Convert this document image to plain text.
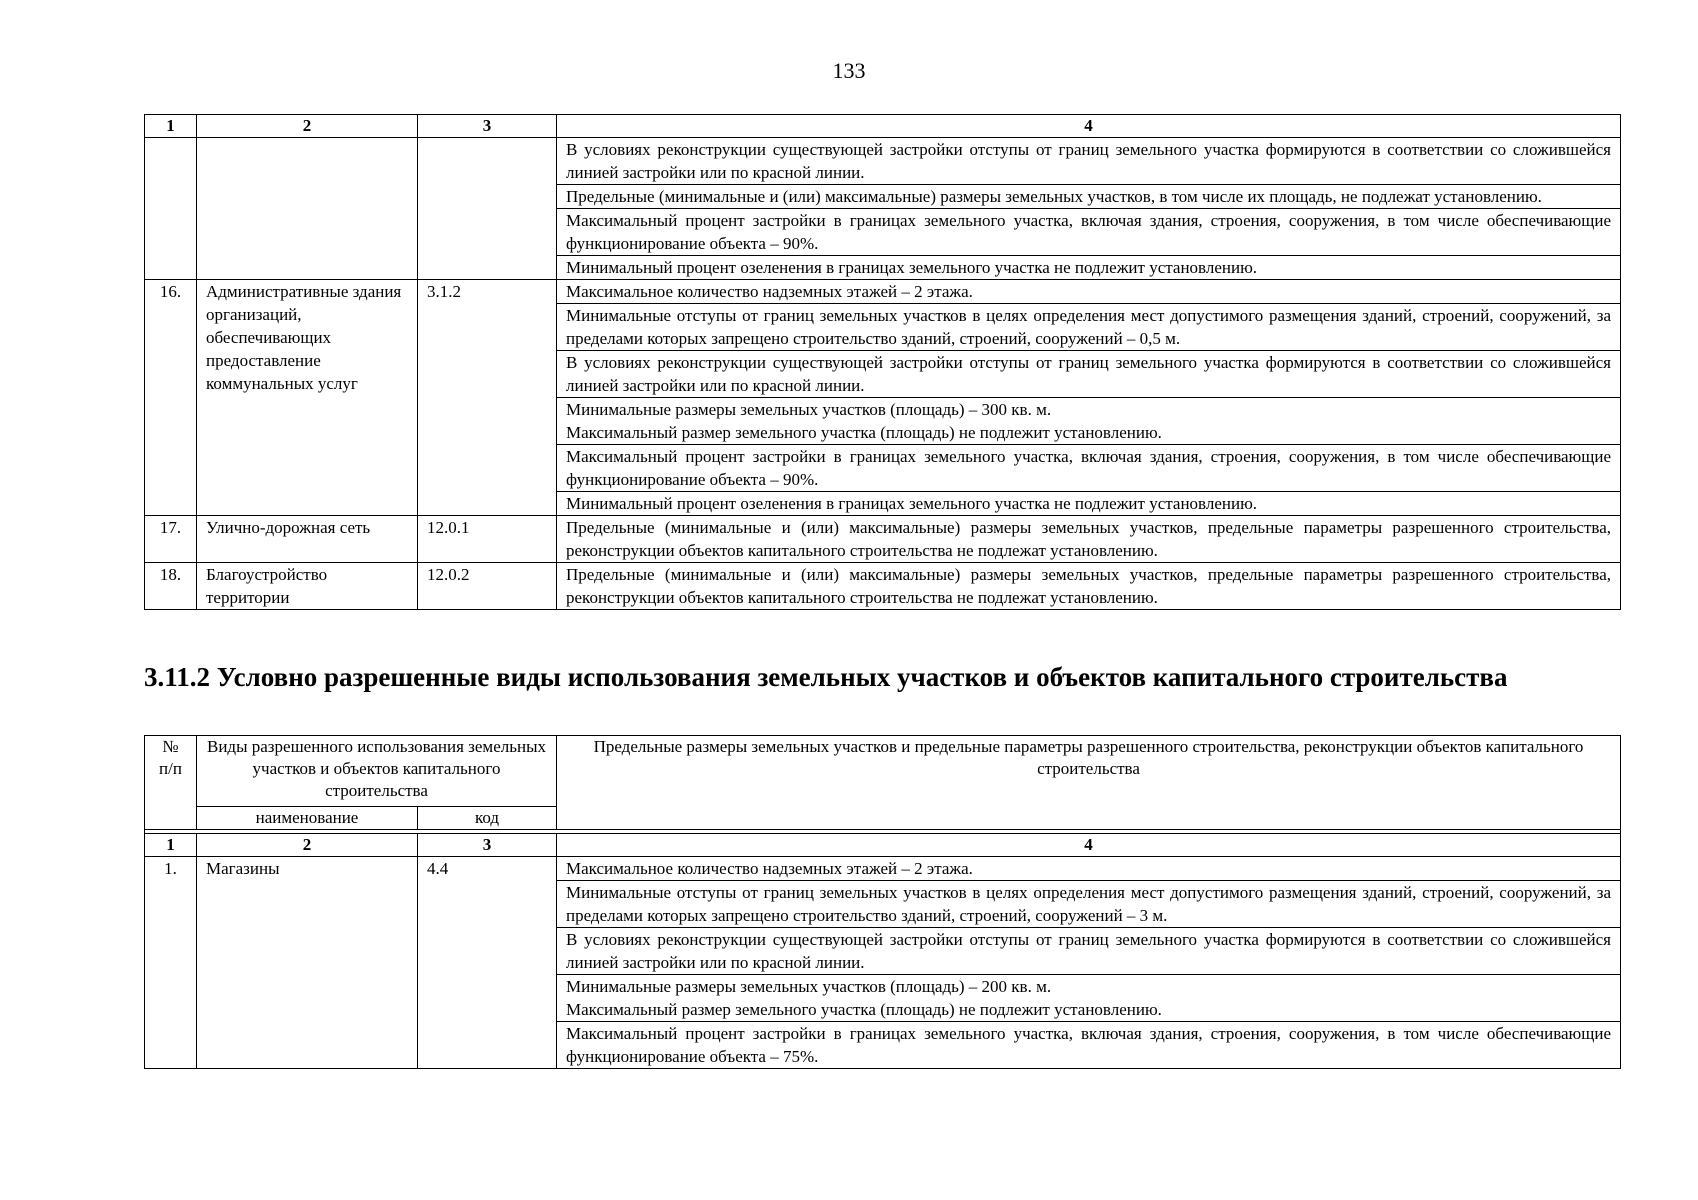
133
1	2	3	4
			В условиях реконструкции существующей застройки отступы от границ земельного участка формируются в соответствии со сложившейся линией застройки или по красной линии.
			Предельные (минимальные и (или) максимальные) размеры земельных участков, в том числе их площадь, не подлежат установлению.
			Максимальный процент застройки в границах земельного участка, включая здания, строения, сооружения, в том числе обеспечивающие функционирование объекта – 90%.
			Минимальный процент озеленения в границах земельного участка не подлежит установлению.
16.	Административные здания организаций, обеспечивающих предоставление коммунальных услуг	3.1.2	Максимальное количество надземных этажей – 2 этажа.
			Минимальные отступы от границ земельных участков в целях определения мест допустимого размещения зданий, строений, сооружений, за пределами которых запрещено строительство зданий, строений, сооружений – 0,5 м.
			В условиях реконструкции существующей застройки отступы от границ земельного участка формируются в соответствии со сложившейся линией застройки или по красной линии.

			Минимальные размеры земельных участков (площадь) – 300 кв. м.
Максимальный размер земельного участка (площадь) не подлежит установлению.

			Максимальный процент застройки в границах земельного участка, включая здания, строения, сооружения, в том числе обеспечивающие функционирование объекта – 90%.
			Минимальный процент озеленения в границах земельного участка не подлежит установлению.
17.	Улично-дорожная сеть	12.0.1	Предельные (минимальные и (или) максимальные) размеры земельных участков, предельные параметры разрешенного строительства, реконструкции объектов капитального строительства не подлежат установлению.
18.	Благоустройство территории	12.0.2	Предельные (минимальные и (или) максимальные) размеры земельных участков, предельные параметры разрешенного строительства, реконструкции объектов капитального строительства не подлежат установлению.
3.11.2 Условно разрешенные виды использования земельных участков и объектов капитального строительства
№ п/п	Виды разрешенного использования земельных участков и объектов капитального строительства		Предельные размеры земельных участков и предельные параметры разрешенного строительства, реконструкции объектов капитального строительства
	наименование	код	

1	2	3	4
1.	Магазины	4.4	Максимальное количество надземных этажей – 2 этажа.
			Минимальные отступы от границ земельных участков в целях определения мест допустимого размещения зданий, строений, сооружений, за пределами которых запрещено строительство зданий, строений, сооружений – 3 м.
			В условиях реконструкции существующей застройки отступы от границ земельного участка формируются в соответствии со сложившейся линией застройки или по красной линии.

			Минимальные размеры земельных участков (площадь) – 200 кв. м.
Максимальный размер земельного участка (площадь) не подлежит установлению.

			Максимальный процент застройки в границах земельного участка, включая здания, строения, сооружения, в том числе обеспечивающие функционирование объекта – 75%.
